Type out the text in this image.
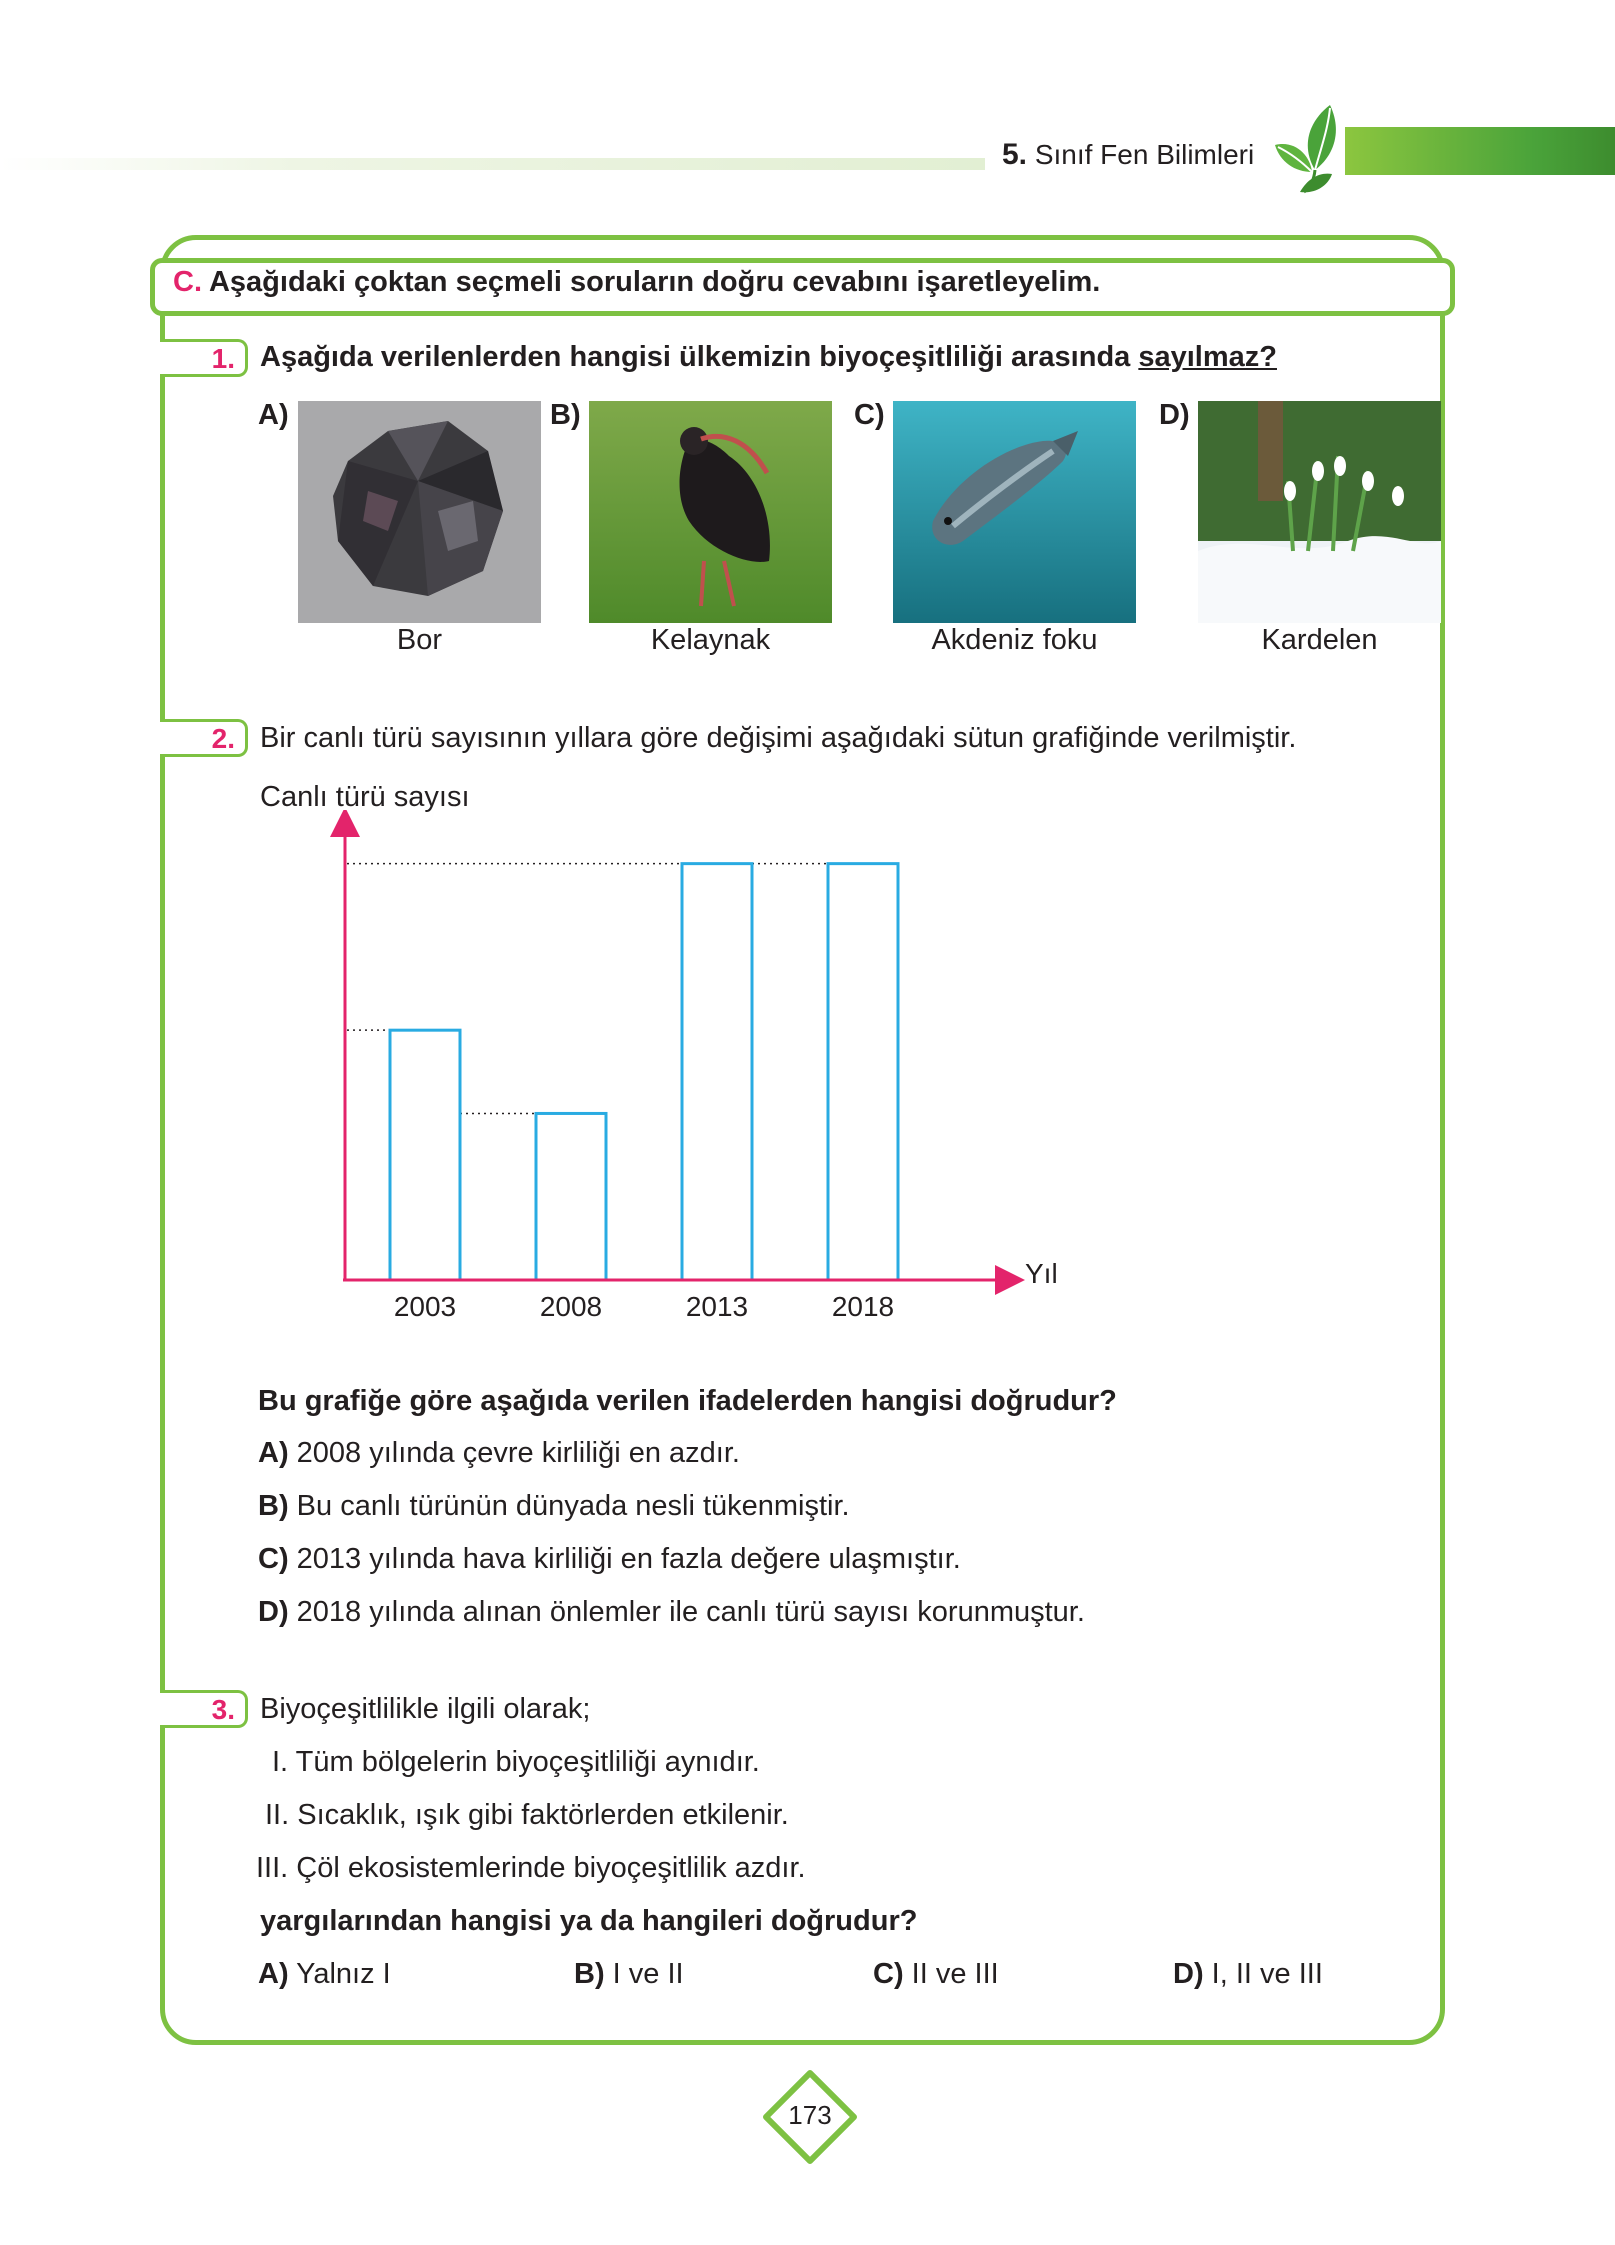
5. Sınıf Fen Bilimleri
C. Aşağıdaki çoktan seçmeli soruların doğru cevabını işaretleyelim.
1. Aşağıda verilenlerden hangisi ülkemizin biyoçeşitliliği arasında sayılmaz?
A)
Bor
B)
Kelaynak
C)
Akdeniz foku
D)
Kardelen
2. Bir canlı türü sayısının yıllara göre değişimi aşağıdaki sütun grafiğinde verilmiştir.
Canlı türü sayısı
2003	2008	2013	2018
Yıl
Bu grafiğe göre aşağıda verilen ifadelerden hangisi doğrudur?
A) 2008 yılında çevre kirliliği en azdır.
B) Bu canlı türünün dünyada nesli tükenmiştir.
C) 2013 yılında hava kirliliği en fazla değere ulaşmıştır.
D) 2018 yılında alınan önlemler ile canlı türü sayısı korunmuştur.
3. Biyoçeşitlilikle ilgili olarak;
I. Tüm bölgelerin biyoçeşitliliği aynıdır.
II. Sıcaklık, ışık gibi faktörlerden etkilenir.
III. Çöl ekosistemlerinde biyoçeşitlilik azdır.
yargılarından hangisi ya da hangileri doğrudur?
A) Yalnız I	B) I ve II	C) II ve III	D) I, II ve III
173
